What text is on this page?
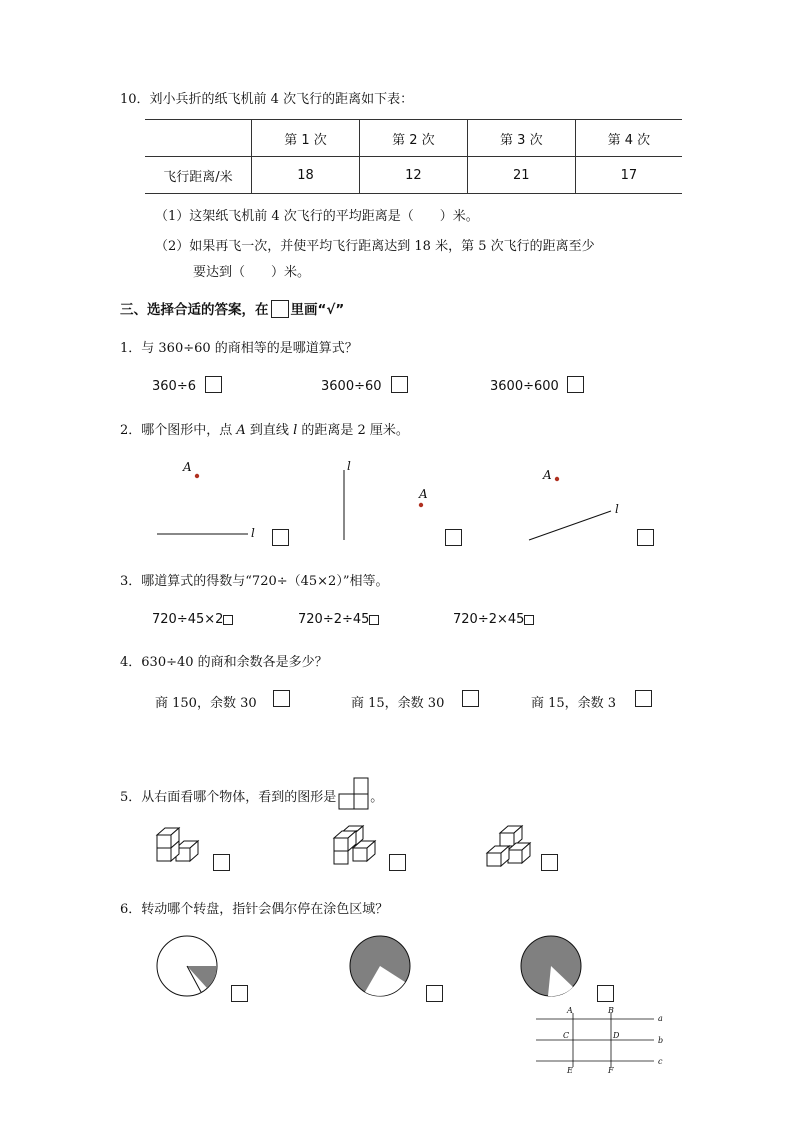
10．刘小兵折的纸飞机前 4 次飞行的距离如下表：
	第 1 次	第 2 次	第 3 次	第 4 次
飞行距离/米	18	12	21	17
（1）这架纸飞机前 4 次飞行的平均距离是（　　）米。
（2）如果再飞一次，并使平均飞行距离达到 18 米，第 5 次飞行的距离至少
要达到（　　）米。
三、选择合适的答案，在 里画“√”
1．与 360÷60 的商相等的是哪道算式？
360÷6	3600÷60	3600÷600
2．哪个图形中，点 A 到直线 l 的距离是 2 厘米。
A
l
l
A
A
l
3．哪道算式的得数与“720÷（45×2）”相等。
720÷45×2	720÷2÷45	720÷2×45
4．630÷40 的商和余数各是多少？
商 150，余数 30	商 15，余数 30	商 15，余数 3
5．从右面看哪个物体，看到的图形是	。
6．转动哪个转盘，指针会偶尔停在涂色区域？
A	B
C	D
E	F
a
b
c
